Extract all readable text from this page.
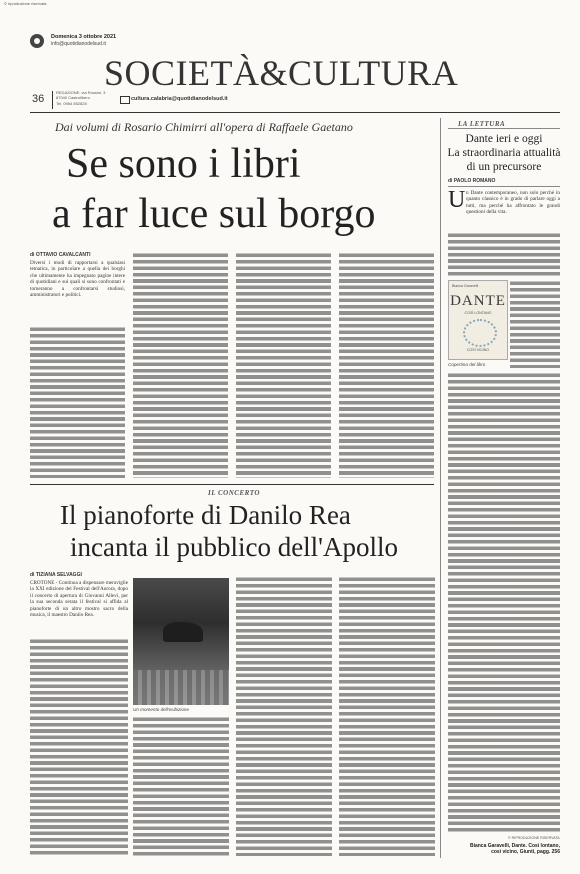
© riproduzione riservata
Domenica 3 ottobre 2021
info@quotidianodelsud.it
SOCIETÀ&CULTURA
36
REDAZIONE: via Rossini, 3
87040 Castrolibero
Tel. 0984 852828
cultura.calabria@quotidianodelsud.it
Dai volumi di Rosario Chimirri all'opera di Raffaele Gaetano
Se sono i libri
a far luce sul borgo
di OTTAVIO CAVALCANTI
Diversi i modi di rapportarsi a qualsiasi tematica, in particolare a quella dei borghi che ultimamente ha impegnato pagine intere di quotidiani e sui quali si sono confrontati e torneranno a confrontarsi studiosi, amministratori e politici.
LA LETTURA
Dante ieri e oggi
La straordinaria attualità
di un precursore
di PAOLO ROMANO
U n Dante contemporaneo, non solo perché in quanto classico è in grado di parlare oggi a tutti, ma perché ha affrontato le grandi questioni della vita.
Bianca Garavelli
DANTE
COSÌ LONTANO
COSÌ VICINO
Copertina del libro
© RIPRODUZIONE RISERVATA
Bianca Garavelli, Dante. Così lontano,
così vicino, Giunti, pagg. 256
IL CONCERTO
Il pianoforte di Danilo Rea
incanta il pubblico dell'Apollo
di TIZIANA SELVAGGI
CROTONE - Continua a dispensare meraviglie la XXI edizione del Festival dell'Aurora, dopo il concerto di apertura di Giovanni Allevi, per la sua seconda serata il festival si affida al pianoforte di un altro mostro sacro della musica, il maestro Danilo Rea.
Un momento dell'esibizione
